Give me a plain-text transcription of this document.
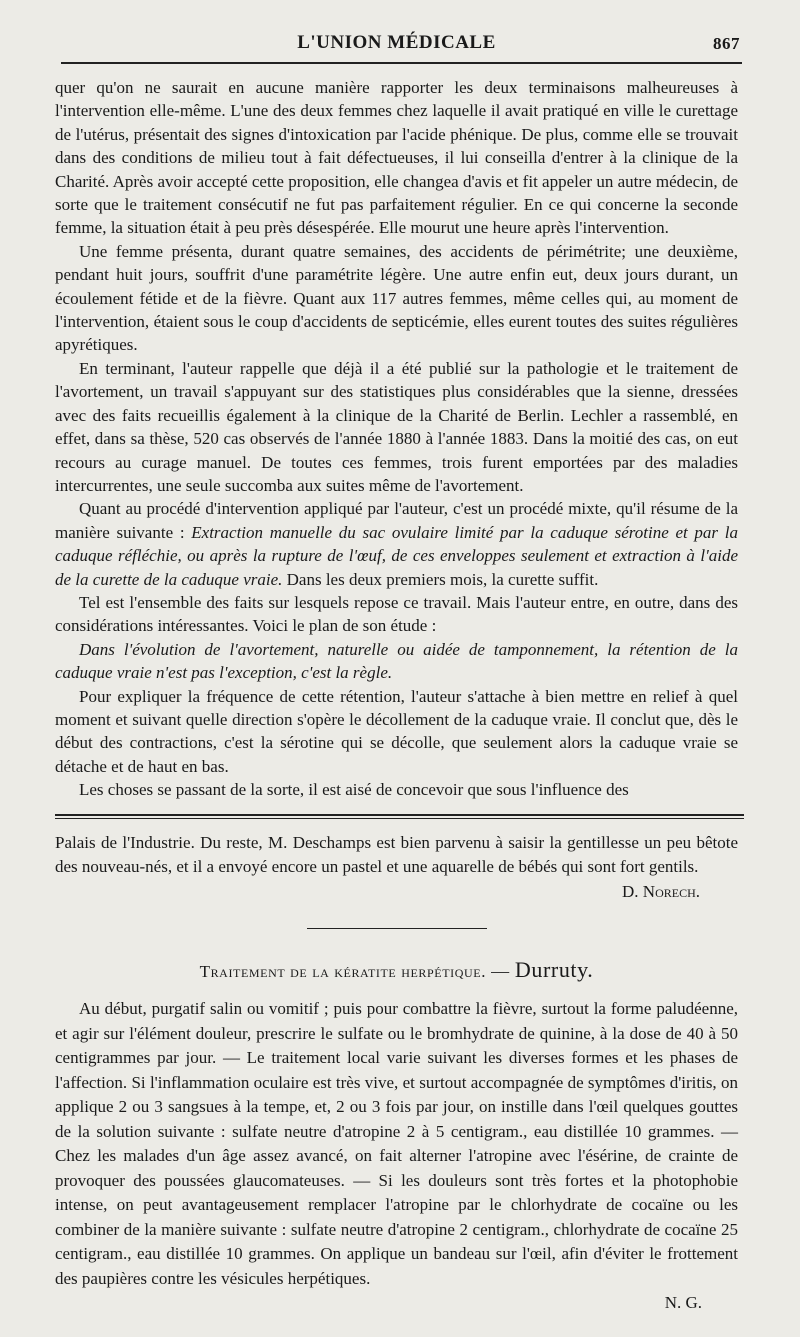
L'UNION MÉDICALE	867

quer qu'on ne saurait en aucune manière rapporter les deux terminaisons malheureuses à l'intervention elle-même. L'une des deux femmes chez laquelle il avait pratiqué en ville le curettage de l'utérus, présentait des signes d'intoxication par l'acide phénique. De plus, comme elle se trouvait dans des conditions de milieu tout à fait défectueuses, il lui conseilla d'entrer à la clinique de la Charité. Après avoir accepté cette proposition, elle changea d'avis et fit appeler un autre médecin, de sorte que le traitement consécutif ne fut pas parfaitement régulier. En ce qui concerne la seconde femme, la situation était à peu près désespérée. Elle mourut une heure après l'intervention.

Une femme présenta, durant quatre semaines, des accidents de périmétrite; une deuxième, pendant huit jours, souffrit d'une paramétrite légère. Une autre enfin eut, deux jours durant, un écoulement fétide et de la fièvre. Quant aux 117 autres femmes, même celles qui, au moment de l'intervention, étaient sous le coup d'accidents de septicémie, elles eurent toutes des suites régulières apyrétiques.

En terminant, l'auteur rappelle que déjà il a été publié sur la pathologie et le traitement de l'avortement, un travail s'appuyant sur des statistiques plus considérables que la sienne, dressées avec des faits recueillis également à la clinique de la Charité de Berlin. Lechler a rassemblé, en effet, dans sa thèse, 520 cas observés de l'année 1880 à l'année 1883. Dans la moitié des cas, on eut recours au curage manuel. De toutes ces femmes, trois furent emportées par des maladies intercurrentes, une seule succomba aux suites même de l'avortement.

Quant au procédé d'intervention appliqué par l'auteur, c'est un procédé mixte, qu'il résume de la manière suivante : Extraction manuelle du sac ovulaire limité par la caduque sérotine et par la caduque réfléchie, ou après la rupture de l'œuf, de ces enveloppes seulement et extraction à l'aide de la curette de la caduque vraie. Dans les deux premiers mois, la curette suffit.

Tel est l'ensemble des faits sur lesquels repose ce travail. Mais l'auteur entre, en outre, dans des considérations intéressantes. Voici le plan de son étude :

Dans l'évolution de l'avortement, naturelle ou aidée de tamponnement, la rétention de la caduque vraie n'est pas l'exception, c'est la règle.

Pour expliquer la fréquence de cette rétention, l'auteur s'attache à bien mettre en relief à quel moment et suivant quelle direction s'opère le décollement de la caduque vraie. Il conclut que, dès le début des contractions, c'est la sérotine qui se décolle, que seulement alors la caduque vraie se détache et de haut en bas.

Les choses se passant de la sorte, il est aisé de concevoir que sous l'influence des

Palais de l'Industrie. Du reste, M. Deschamps est bien parvenu à saisir la gentillesse un peu bêtote des nouveau-nés, et il a envoyé encore un pastel et une aquarelle de bébés qui sont fort gentils.

D. Norech.

Traitement de la kératite herpétique. — Durruty.

Au début, purgatif salin ou vomitif ; puis pour combattre la fièvre, surtout la forme paludéenne, et agir sur l'élément douleur, prescrire le sulfate ou le bromhydrate de quinine, à la dose de 40 à 50 centigrammes par jour. — Le traitement local varie suivant les diverses formes et les phases de l'affection. Si l'inflammation oculaire est très vive, et surtout accompagnée de symptômes d'iritis, on applique 2 ou 3 sangsues à la tempe, et, 2 ou 3 fois par jour, on instille dans l'œil quelques gouttes de la solution suivante : sulfate neutre d'atropine 2 à 5 centigram., eau distillée 10 grammes. — Chez les malades d'un âge assez avancé, on fait alterner l'atropine avec l'ésérine, de crainte de provoquer des poussées glaucomateuses. — Si les douleurs sont très fortes et la photophobie intense, on peut avantageusement remplacer l'atropine par le chlorhydrate de cocaïne ou les combiner de la manière suivante : sulfate neutre d'atropine 2 centigram., chlorhydrate de cocaïne 25 centigram., eau distillée 10 grammes. On applique un bandeau sur l'œil, afin d'éviter le frottement des paupières contre les vésicules herpétiques.

N. G.
